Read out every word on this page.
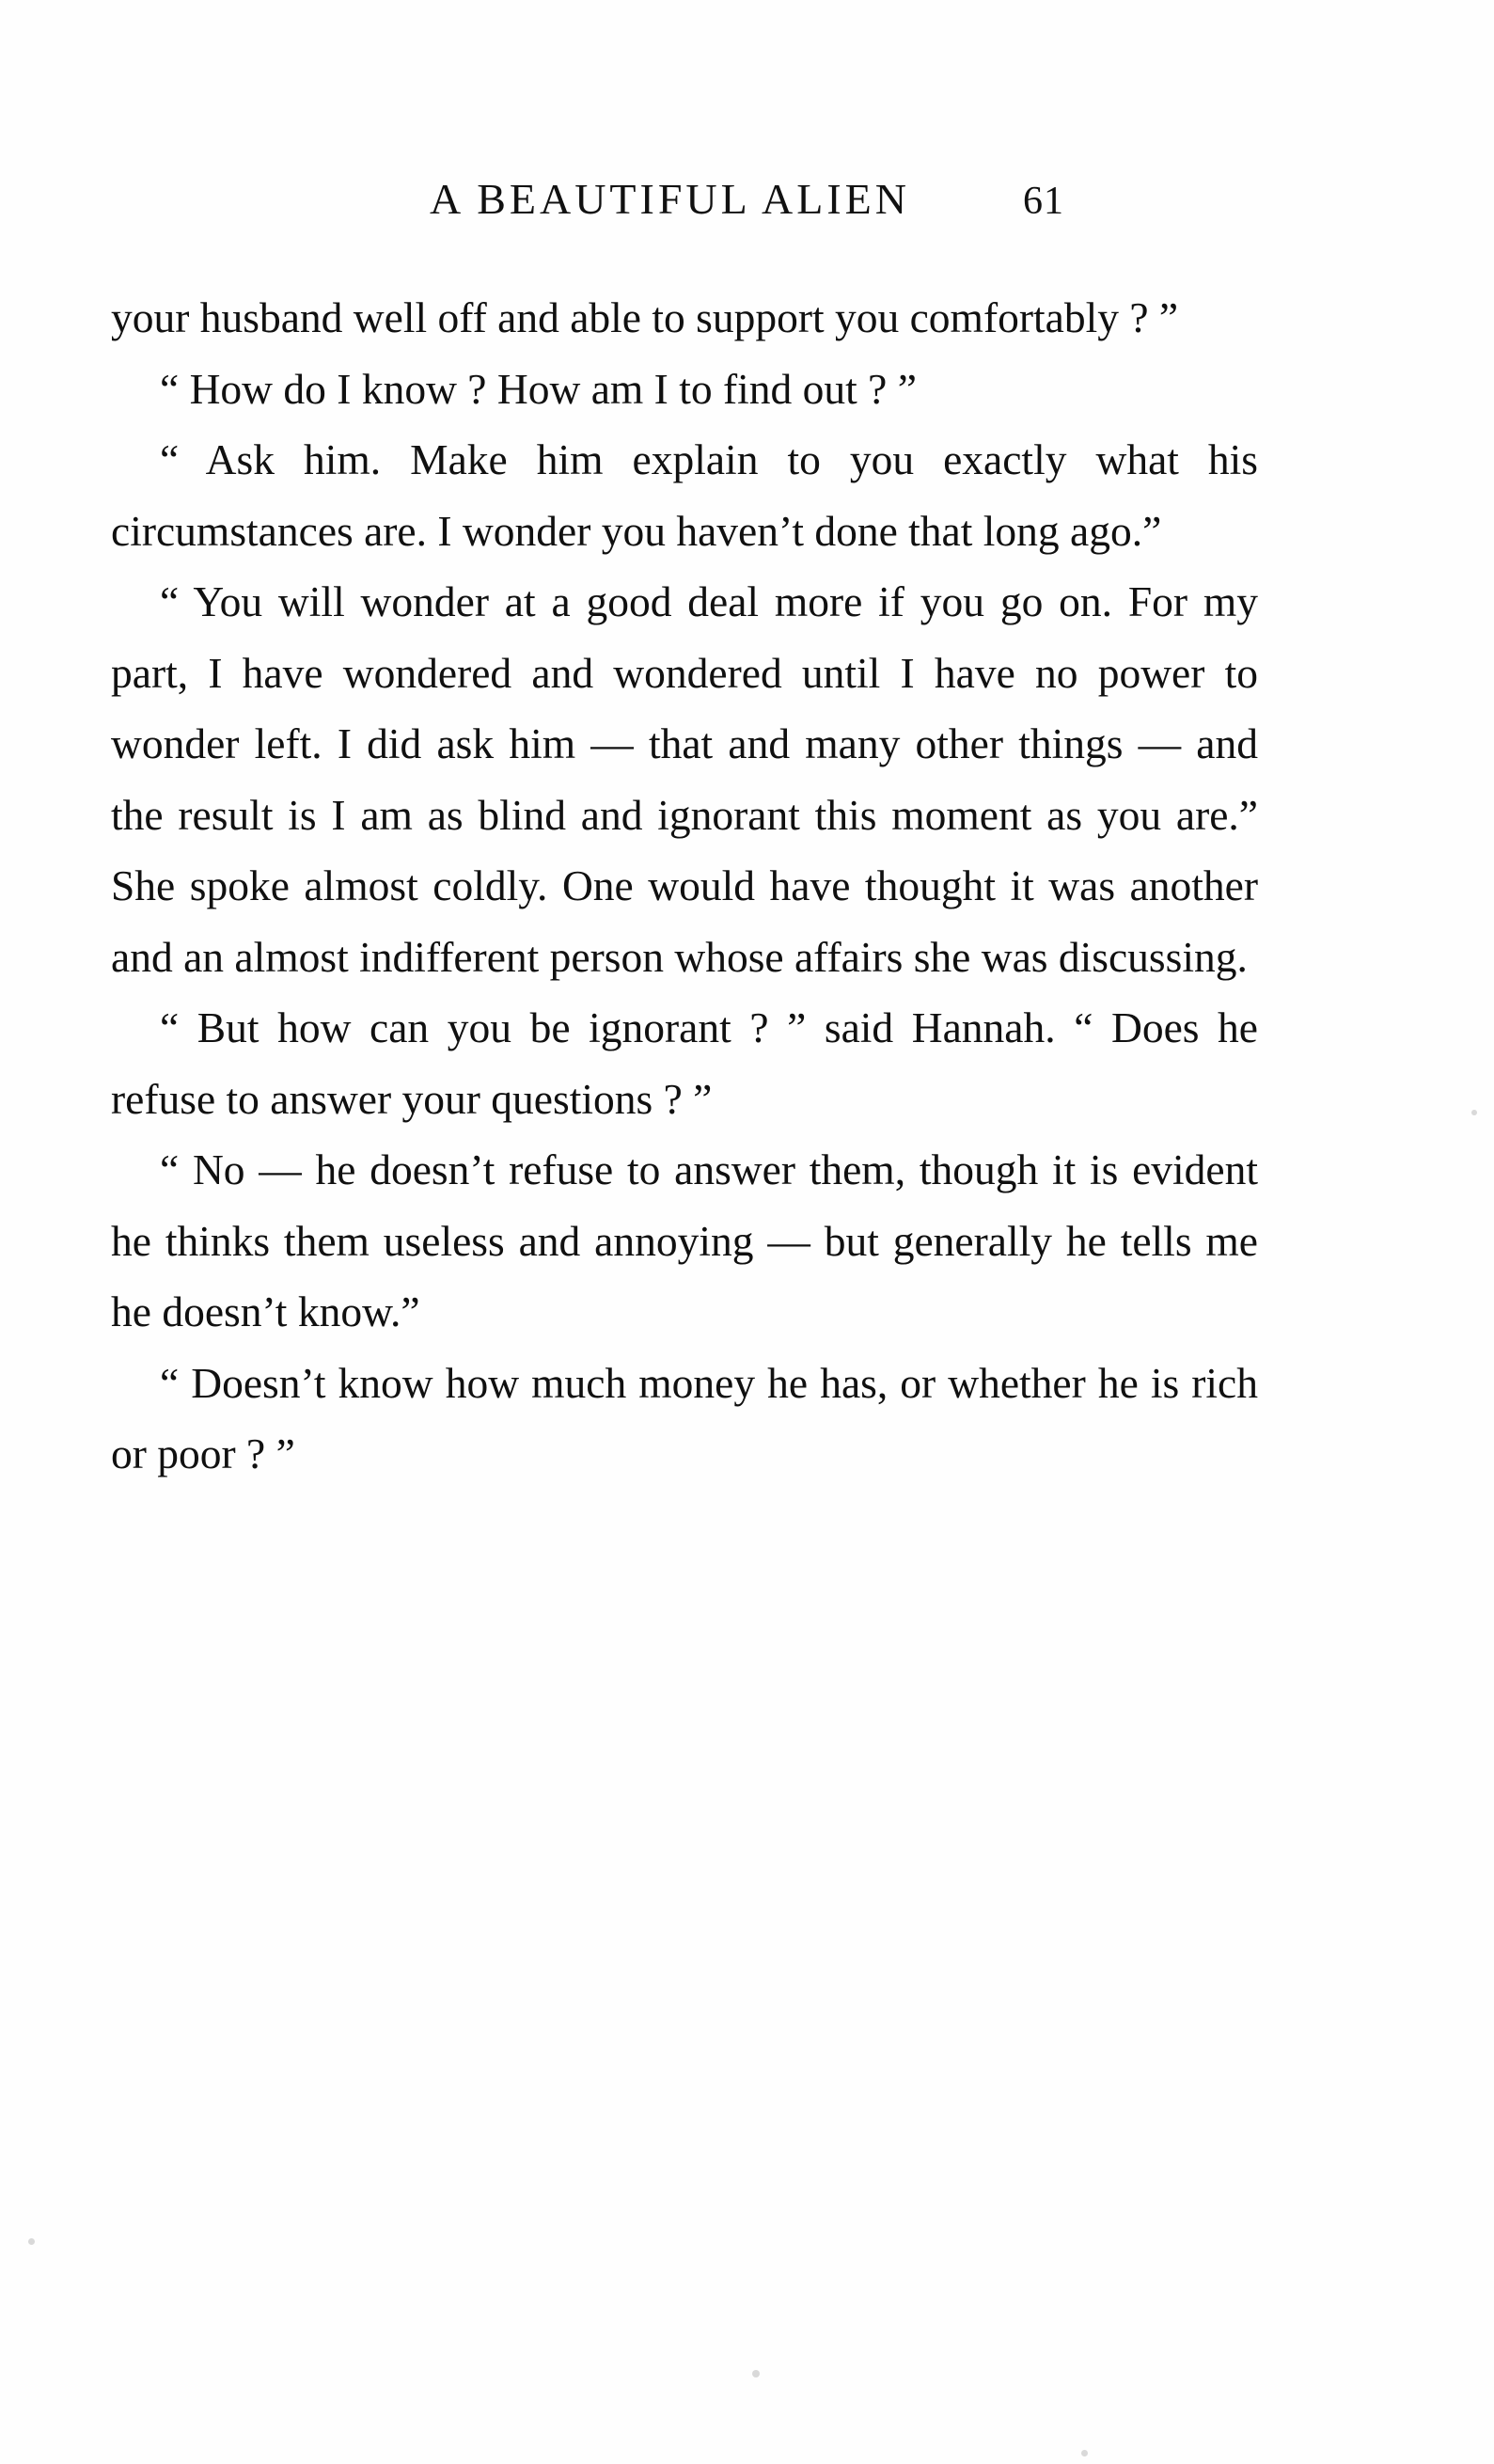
A BEAUTIFUL ALIEN	61

your husband well off and able to support you comfortably ? ”

“ How do I know ? How am I to find out ? ”

“ Ask him. Make him explain to you exactly what his circumstances are. I wonder you haven’t done that long ago.”

“ You will wonder at a good deal more if you go on. For my part, I have wondered and wondered until I have no power to wonder left. I did ask him — that and many other things — and the result is I am as blind and ignorant this moment as you are.” She spoke almost coldly. One would have thought it was another and an almost indifferent person whose affairs she was discussing.

“ But how can you be ignorant ? ” said Hannah. “ Does he refuse to answer your questions ? ”

“ No — he doesn’t refuse to answer them, though it is evident he thinks them useless and annoying — but generally he tells me he doesn’t know.”

“ Doesn’t know how much money he has, or whether he is rich or poor ? ”
